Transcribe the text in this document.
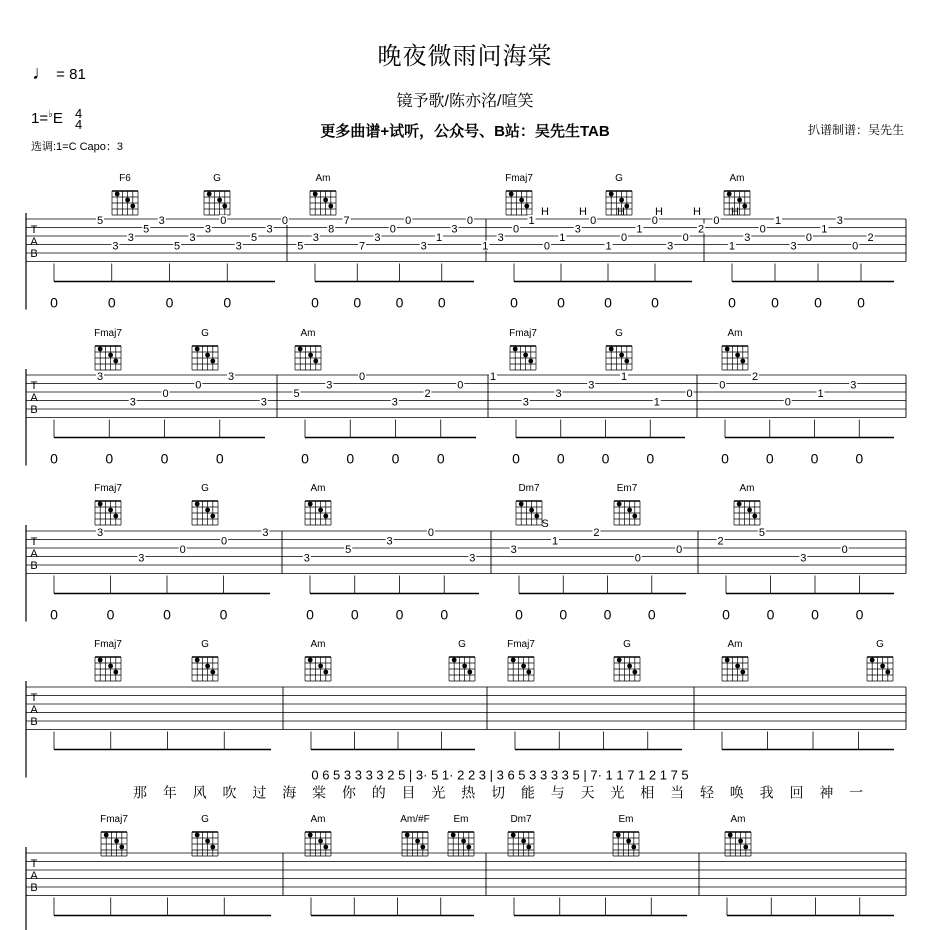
晚夜微雨问海棠
镜予歌/陈亦洺/喧笑
更多曲谱+试听，公众号、B站：吴先生TAB	扒谱制谱：吴先生
♩ = 81
1=♭E 4
4
选调:1=C Capo：3
F6	G	Am	Fmaj7	G	Am
T
A
B
5
3
3
5
3
5
3
3
0
3
5
3
0
5
3
8
7
7
3
0
0
3
1
3
0
1
3
0
1
0
1
3
0
1
0
1
0
3
0
2
0
1
3
0
1
3
0
1
3
0
2
H	H	H	H	H	H
0	0	0	0	0 0 0 0	0	0	0	0	0	0	0	0
Fmaj7	G	Am	Fmaj7	G	Am
T
A
B
3
3
0
0
3
3
5
3
0
3
2
0
1
3
3
3
1
1
0
0
2
0
1
3
0	0	0	0	0	0	0	0	0	0	0	0	0	0	0	0
Fmaj7	G	Am	Dm7	Em7	Am
T
A
B
3
3
0
0
3
3
5
3
0
3
3
1
2
0
0
2
5
3
0
S
0	0	0	0	0	0	0	0	0	0	0	0	0	0	0	0
Fmaj7	G	Am	G	Fmaj7	G	Am	G
T
A
B
0 6 5 3 3 3 3 2 5 | 3· 5 1· 2 2 3 | 3 6 5 3 3 3 3 5 | 7· 1 1 7 1 2 1 7 5
那 年 风 吹 过 海 棠 你 的 目 光 热 切 能 与 天 光 相 当 轻 唤 我 回 神 一
Fmaj7	G	Am	Am/#F Em	Dm7	Em	Am
T
A
B
